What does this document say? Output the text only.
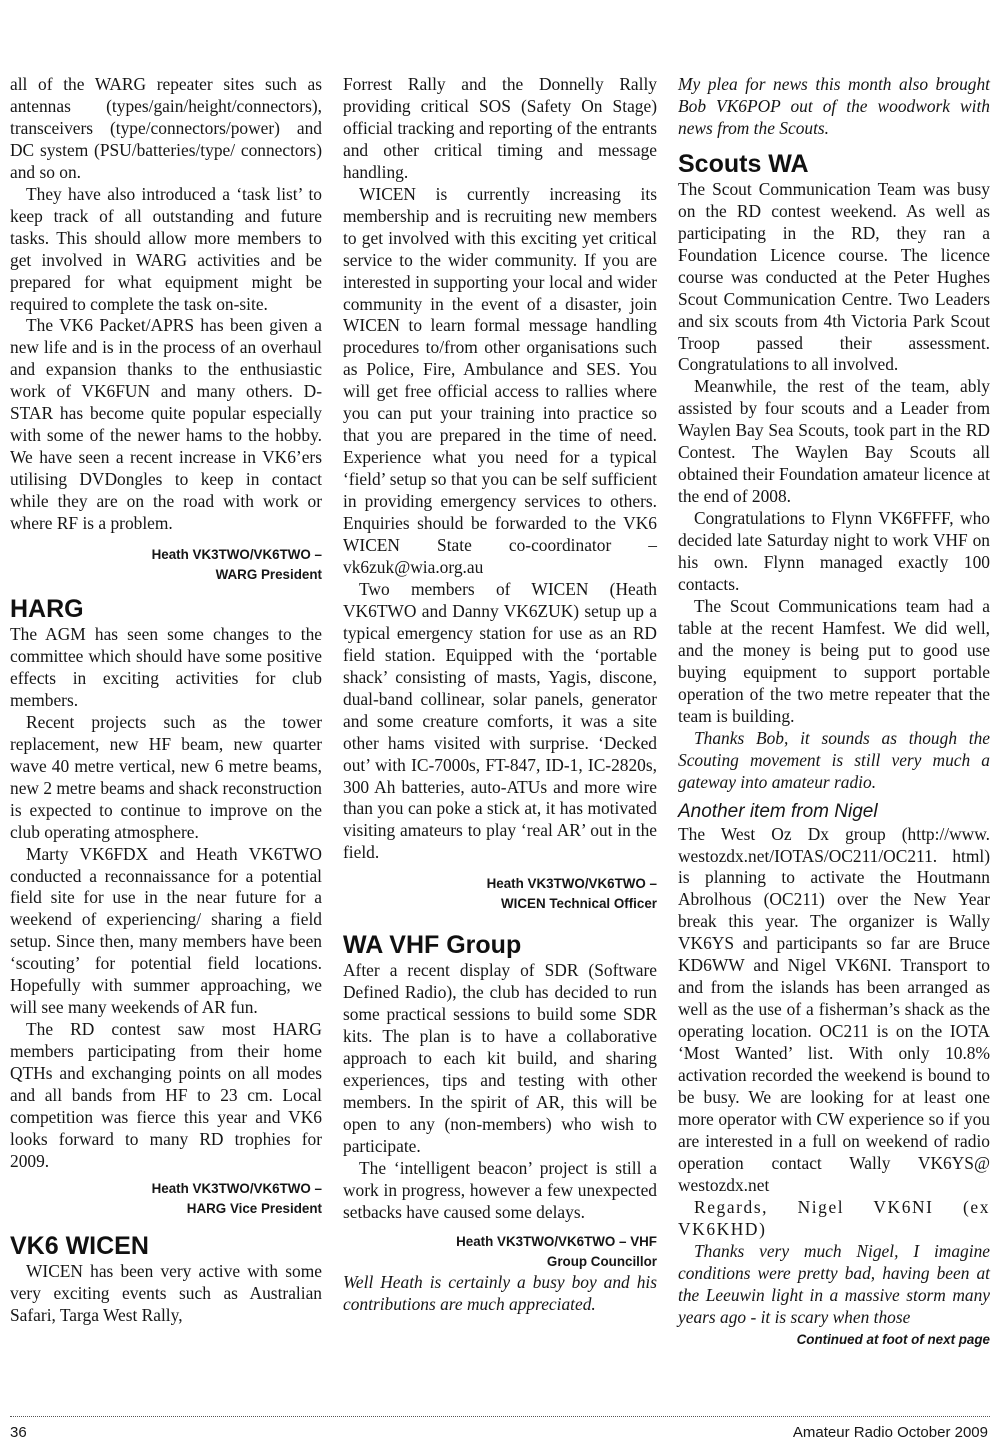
all of the WARG repeater sites such as antennas (types/gain/height/connectors), transceivers (type/connectors/power) and DC system (PSU/batteries/type/ connectors) and so on.

They have also introduced a ‘task list’ to keep track of all outstanding and future tasks. This should allow more members to get involved in WARG activities and be prepared for what equipment might be required to complete the task on-site.

The VK6 Packet/APRS has been given a new life and is in the process of an overhaul and expansion thanks to the enthusiastic work of VK6FUN and many others. D-STAR has become quite popular especially with some of the newer hams to the hobby. We have seen a recent increase in VK6’ers utilising DVDongles to keep in contact while they are on the road with work or where RF is a problem.

Heath VK3TWO/VK6TWO –
WARG President
HARG

The AGM has seen some changes to the committee which should have some positive effects in exciting activities for club members.

Recent projects such as the tower replacement, new HF beam, new quarter wave 40 metre vertical, new 6 metre beams, new 2 metre beams and shack reconstruction is expected to continue to improve on the club operating atmosphere.

Marty VK6FDX and Heath VK6TWO conducted a reconnaissance for a potential field site for use in the near future for a weekend of experiencing/ sharing a field setup. Since then, many members have been ‘scouting’ for potential field locations. Hopefully with summer approaching, we will see many weekends of AR fun.

The RD contest saw most HARG members participating from their home QTHs and exchanging points on all modes and all bands from HF to 23 cm. Local competition was fierce this year and VK6 looks forward to many RD trophies for 2009.

Heath VK3TWO/VK6TWO –
HARG Vice President
VK6 WICEN

WICEN has been very active with some very exciting events such as Australian Safari, Targa West Rally,

Forrest Rally and the Donnelly Rally providing critical SOS (Safety On Stage) official tracking and reporting of the entrants and other critical timing and message handling.

WICEN is currently increasing its membership and is recruiting new members to get involved with this exciting yet critical service to the wider community. If you are interested in supporting your local and wider community in the event of a disaster, join WICEN to learn formal message handling procedures to/from other organisations such as Police, Fire, Ambulance and SES. You will get free official access to rallies where you can put your training into practice so that you are prepared in the time of need. Experience what you need for a typical ‘field’ setup so that you can be self sufficient in providing emergency services to others. Enquiries should be forwarded to the VK6 WICEN State co-coordinator – vk6zuk@wia.org.au

Two members of WICEN (Heath VK6TWO and Danny VK6ZUK) setup up a typical emergency station for use as an RD field station. Equipped with the ‘portable shack’ consisting of masts, Yagis, discone, dual-band collinear, solar panels, generator and some creature comforts, it was a site other hams visited with surprise. ‘Decked out’ with IC-7000s, FT-847, ID-1, IC-2820s, 300 Ah batteries, auto-ATUs and more wire than you can poke a stick at, it has motivated visiting amateurs to play ‘real AR’ out in the field.

Heath VK3TWO/VK6TWO –
WICEN Technical Officer
WA VHF Group

After a recent display of SDR (Software Defined Radio), the club has decided to run some practical sessions to build some SDR kits. The plan is to have a collaborative approach to each kit build, and sharing experiences, tips and testing with other members. In the spirit of AR, this will be open to any (non-members) who wish to participate.

The ‘intelligent beacon’ project is still a work in progress, however a few unexpected setbacks have caused some delays.

Heath VK3TWO/VK6TWO – VHF
Group Councillor

Well Heath is certainly a busy boy and his contributions are much appreciated.

My plea for news this month also brought Bob VK6POP out of the woodwork with news from the Scouts.

Scouts WA

The Scout Communication Team was busy on the RD contest weekend. As well as participating in the RD, they ran a Foundation Licence course. The licence course was conducted at the Peter Hughes Scout Communication Centre. Two Leaders and six scouts from 4th Victoria Park Scout Troop passed their assessment. Congratulations to all involved.

Meanwhile, the rest of the team, ably assisted by four scouts and a Leader from Waylen Bay Sea Scouts, took part in the RD Contest. The Waylen Bay Scouts all obtained their Foundation amateur licence at the end of 2008.

Congratulations to Flynn VK6FFFF, who decided late Saturday night to work VHF on his own. Flynn managed exactly 100 contacts.

The Scout Communications team had a table at the recent Hamfest. We did well, and the money is being put to good use buying equipment to support portable operation of the two metre repeater that the team is building.

Thanks Bob, it sounds as though the Scouting movement is still very much a gateway into amateur radio.

Another item from Nigel

The West Oz Dx group (http://www. westozdx.net/IOTAS/OC211/OC211. html) is planning to activate the Houtmann Abrolhous (OC211) over the New Year break this year. The organizer is Wally VK6YS and participants so far are Bruce KD6WW and Nigel VK6NI. Transport to and from the islands has been arranged as well as the use of a fisherman’s shack as the operating location. OC211 is on the IOTA ‘Most Wanted’ list. With only 10.8% activation recorded the weekend is bound to be busy. We are looking for at least one more operator with CW experience so if you are interested in a full on weekend of radio operation contact Wally VK6YS@ westozdx.net

Regards, Nigel VK6NI (ex VK6KHD)

Thanks very much Nigel, I imagine conditions were pretty bad, having been at the Leeuwin light in a massive storm many years ago - it is scary when those

Continued at foot of next page
36	Amateur Radio October 2009
